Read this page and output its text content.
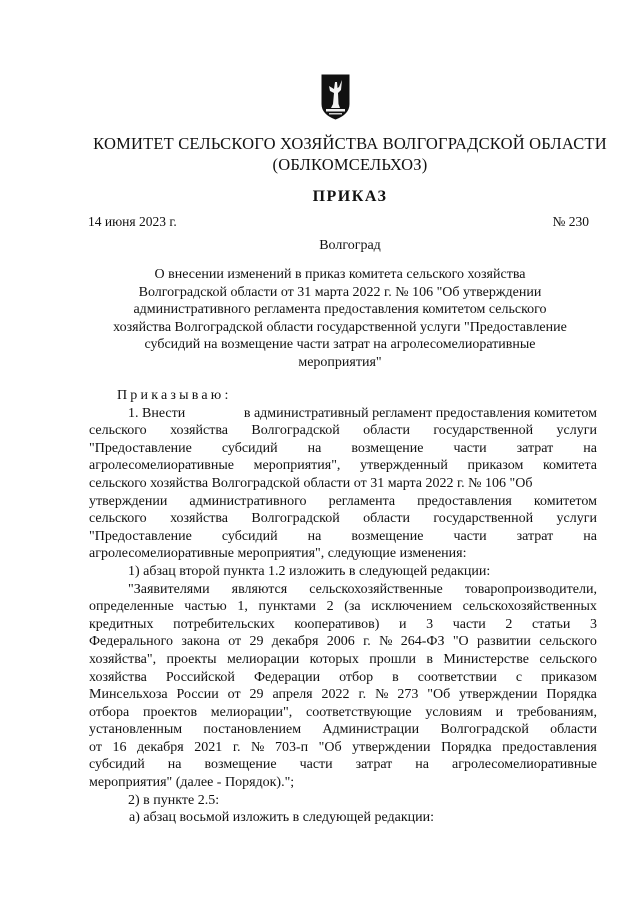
КОМИТЕТ СЕЛЬСКОГО ХОЗЯЙСТВА ВОЛГОГРАДСКОЙ ОБЛАСТИ
(ОБЛКОМСЕЛЬХОЗ)
ПРИКАЗ
14 июня 2023 г.	№ 230
Волгоград
О внесении изменений в приказ комитета сельского хозяйства
Волгоградской области от 31 марта 2022 г. № 106 "Об утверждении
административного регламента предоставления комитетом сельского
хозяйства Волгоградской области государственной услуги "Предоставление
субсидий на возмещение части затрат на агролесомелиоративные
мероприятия"
Приказываю:
1. Внести	в административный регламент предоставления комитетом
сельского хозяйства Волгоградской области государственной услуги
"Предоставление субсидий на возмещение части затрат на
агролесомелиоративные мероприятия", утвержденный приказом комитета
сельского хозяйства Волгоградской области от 31 марта 2022 г. № 106 "Об
утверждении административного регламента предоставления комитетом
сельского хозяйства Волгоградской области государственной услуги
"Предоставление субсидий на возмещение части затрат на
агролесомелиоративные мероприятия", следующие изменения:
1) абзац второй пункта 1.2 изложить в следующей редакции:
"Заявителями являются сельскохозяйственные товаропроизводители,
определенные частью 1, пунктами 2 (за исключением сельскохозяйственных
кредитных потребительских кооперативов) и 3 части 2 статьи 3
Федерального закона от 29 декабря 2006 г. № 264-ФЗ "О развитии сельского
хозяйства", проекты мелиорации которых прошли в Министерстве сельского
хозяйства Российской Федерации отбор в соответствии с приказом
Минсельхоза России от 29 апреля 2022 г. № 273 "Об утверждении Порядка
отбора проектов мелиорации", соответствующие условиям и требованиям,
установленным постановлением Администрации Волгоградской области
от 16 декабря 2021 г. № 703-п "Об утверждении Порядка предоставления
субсидий на возмещение части затрат на агролесомелиоративные
мероприятия" (далее - Порядок).";
2) в пункте 2.5:
а) абзац восьмой изложить в следующей редакции:
